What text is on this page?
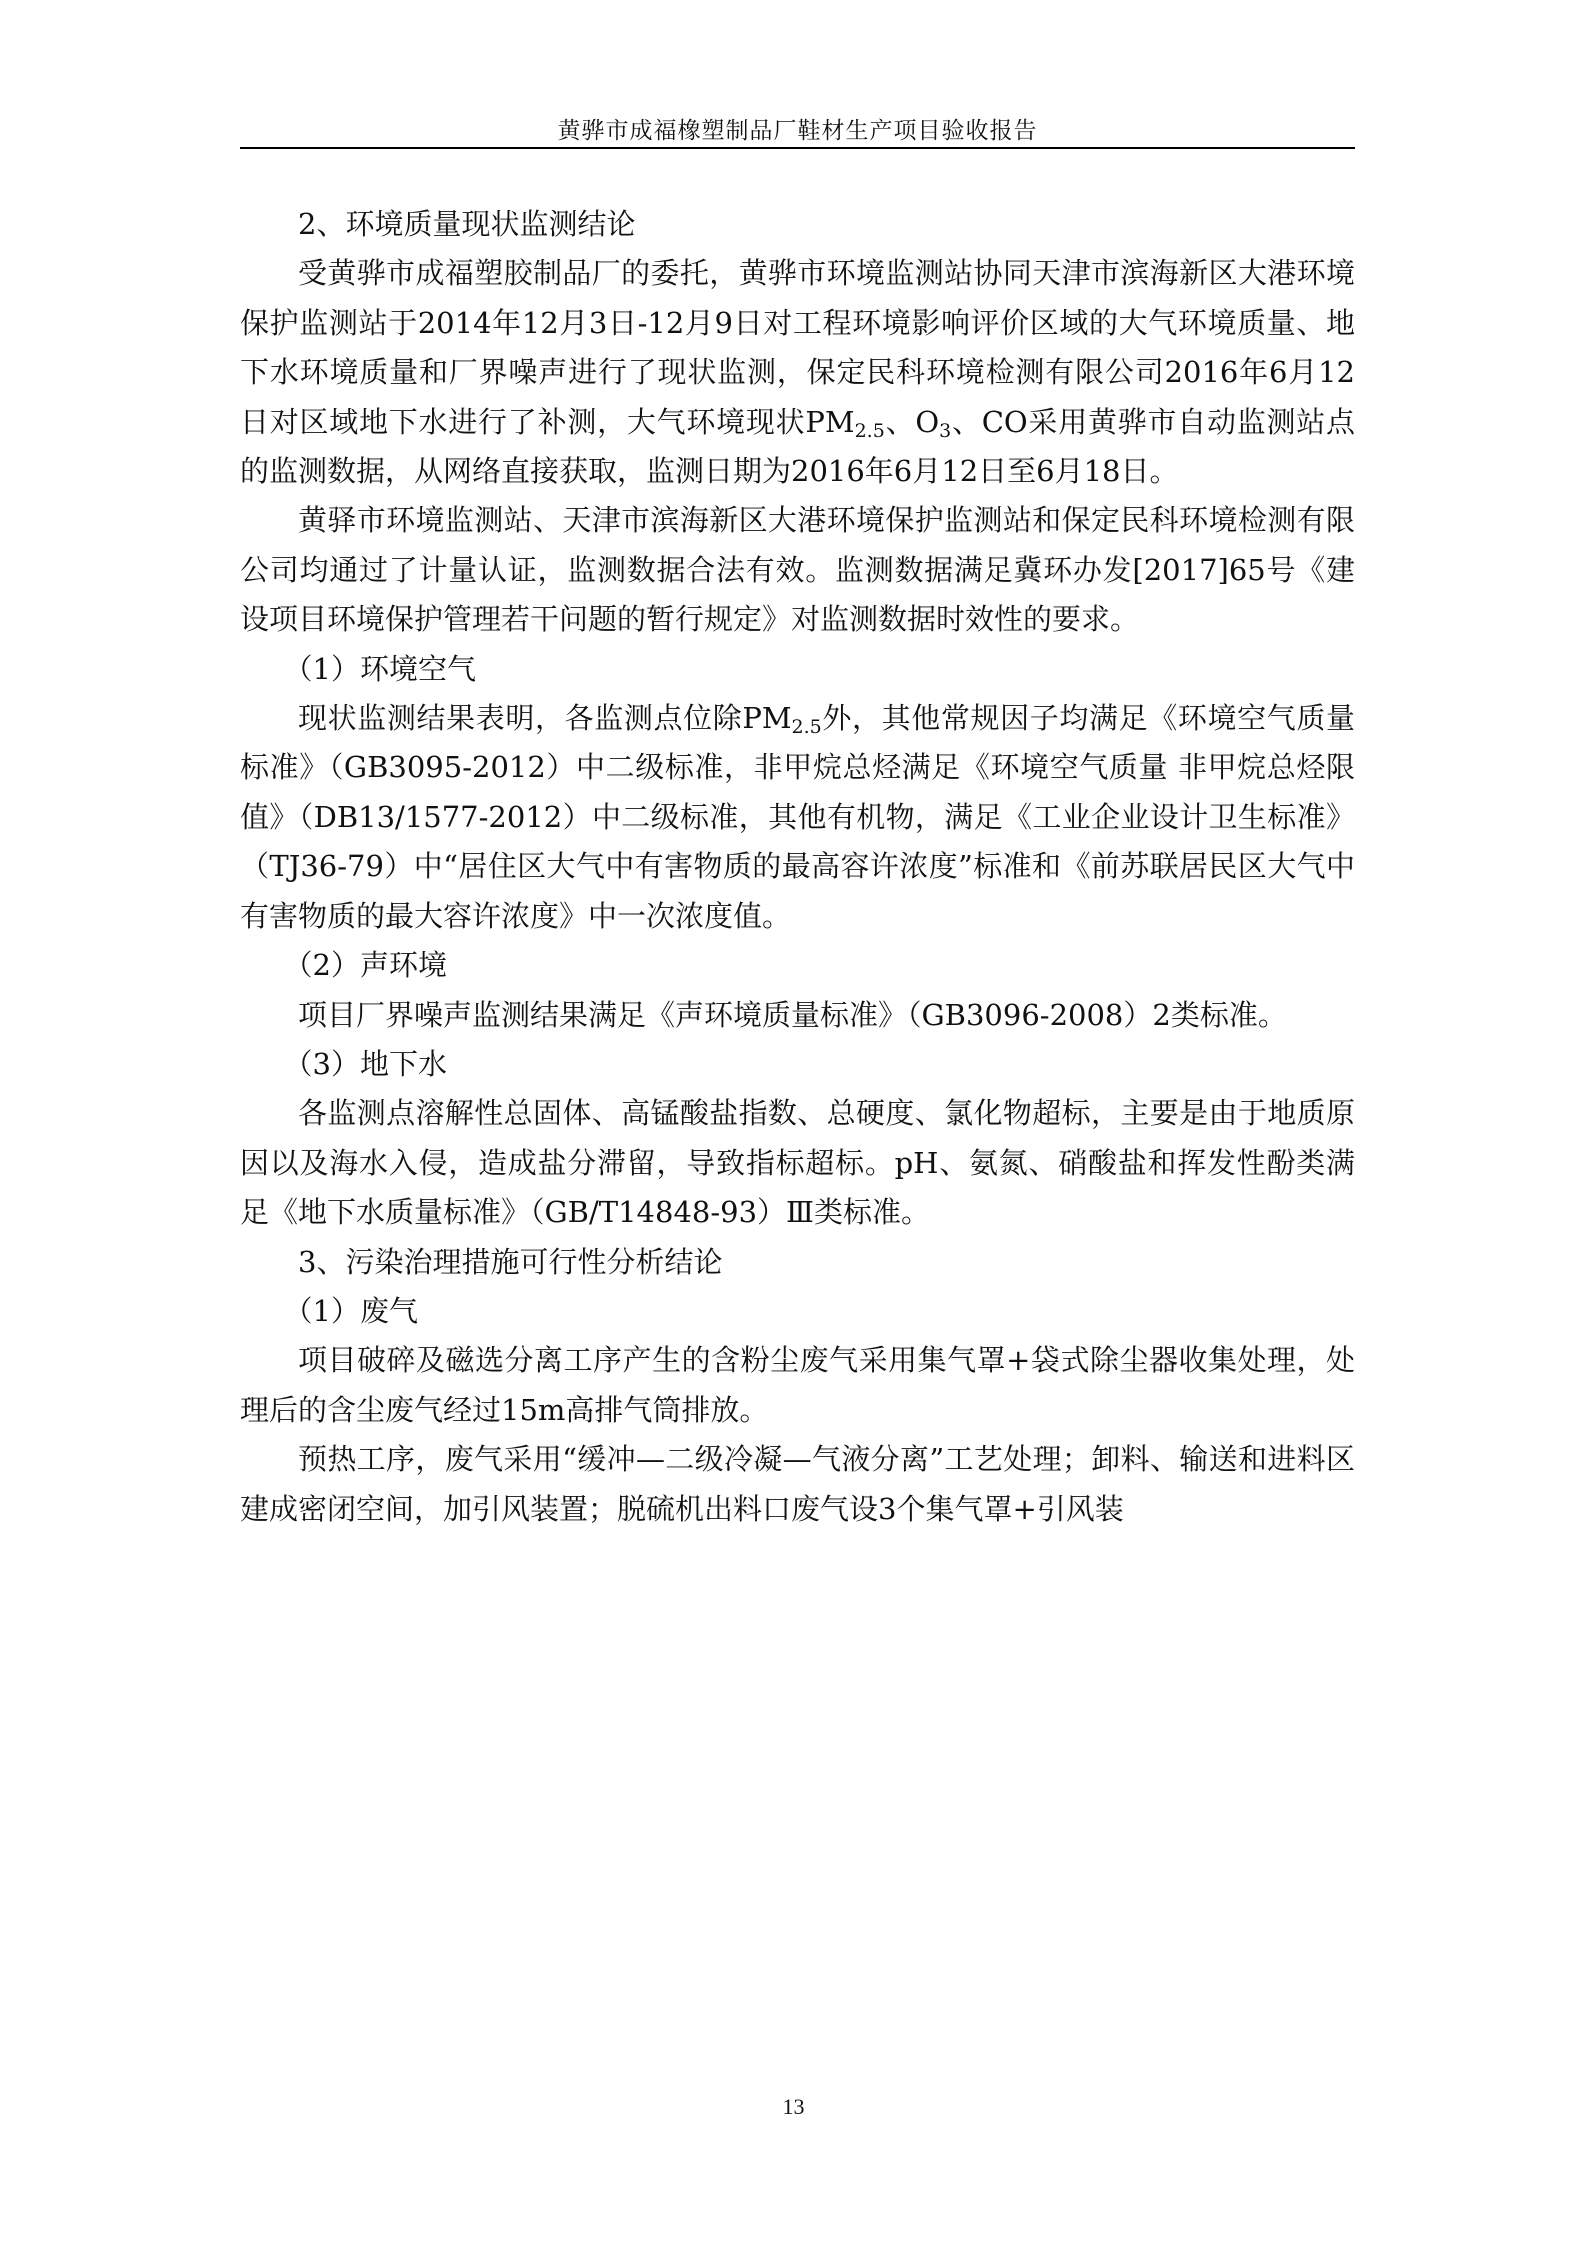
黄骅市成福橡塑制品厂鞋材生产项目验收报告

2、环境质量现状监测结论

受黄骅市成福塑胶制品厂的委托，黄骅市环境监测站协同天津市滨海新区大港环境保护监测站于2014年12月3日-12月9日对工程环境影响评价区域的大气环境质量、地下水环境质量和厂界噪声进行了现状监测，保定民科环境检测有限公司2016年6月12日对区域地下水进行了补测，大气环境现状$PM_{2.5}$、$O_3$、CO采用黄骅市自动监测站点的监测数据，从网络直接获取，监测日期为2016年6月12日至6月18日。

黄驿市环境监测站、天津市滨海新区大港环境保护监测站和保定民科环境检测有限公司均通过了计量认证，监测数据合法有效。监测数据满足冀环办发[2017]65号《建设项目环境保护管理若干问题的暂行规定》对监测数据时效性的要求。

（1）环境空气

现状监测结果表明，各监测点位除$PM_{2.5}$外，其他常规因子均满足《环境空气质量标准》（GB3095-2012）中二级标准，非甲烷总烃满足《环境空气质量 非甲烷总烃限值》（DB13/1577-2012）中二级标准，其他有机物，满足《工业企业设计卫生标准》（TJ36-79）中“居住区大气中有害物质的最高容许浓度”标准和《前苏联居民区大气中有害物质的最大容许浓度》中一次浓度值。

（2）声环境

项目厂界噪声监测结果满足《声环境质量标准》（GB3096-2008）2类标准。

（3）地下水

各监测点溶解性总固体、高锰酸盐指数、总硬度、氯化物超标，主要是由于地质原因以及海水入侵，造成盐分滞留，导致指标超标。pH、氨氮、硝酸盐和挥发性酚类满足《地下水质量标准》（GB/T14848-93）Ⅲ类标准。

3、污染治理措施可行性分析结论

（1）废气

项目破碎及磁选分离工序产生的含粉尘废气采用集气罩+袋式除尘器收集处理，处理后的含尘废气经过15m高排气筒排放。

预热工序，废气采用“缓冲—二级冷凝—气液分离”工艺处理；卸料、输送和进料区建成密闭空间，加引风装置；脱硫机出料口废气设3个集气罩+引风装

13
